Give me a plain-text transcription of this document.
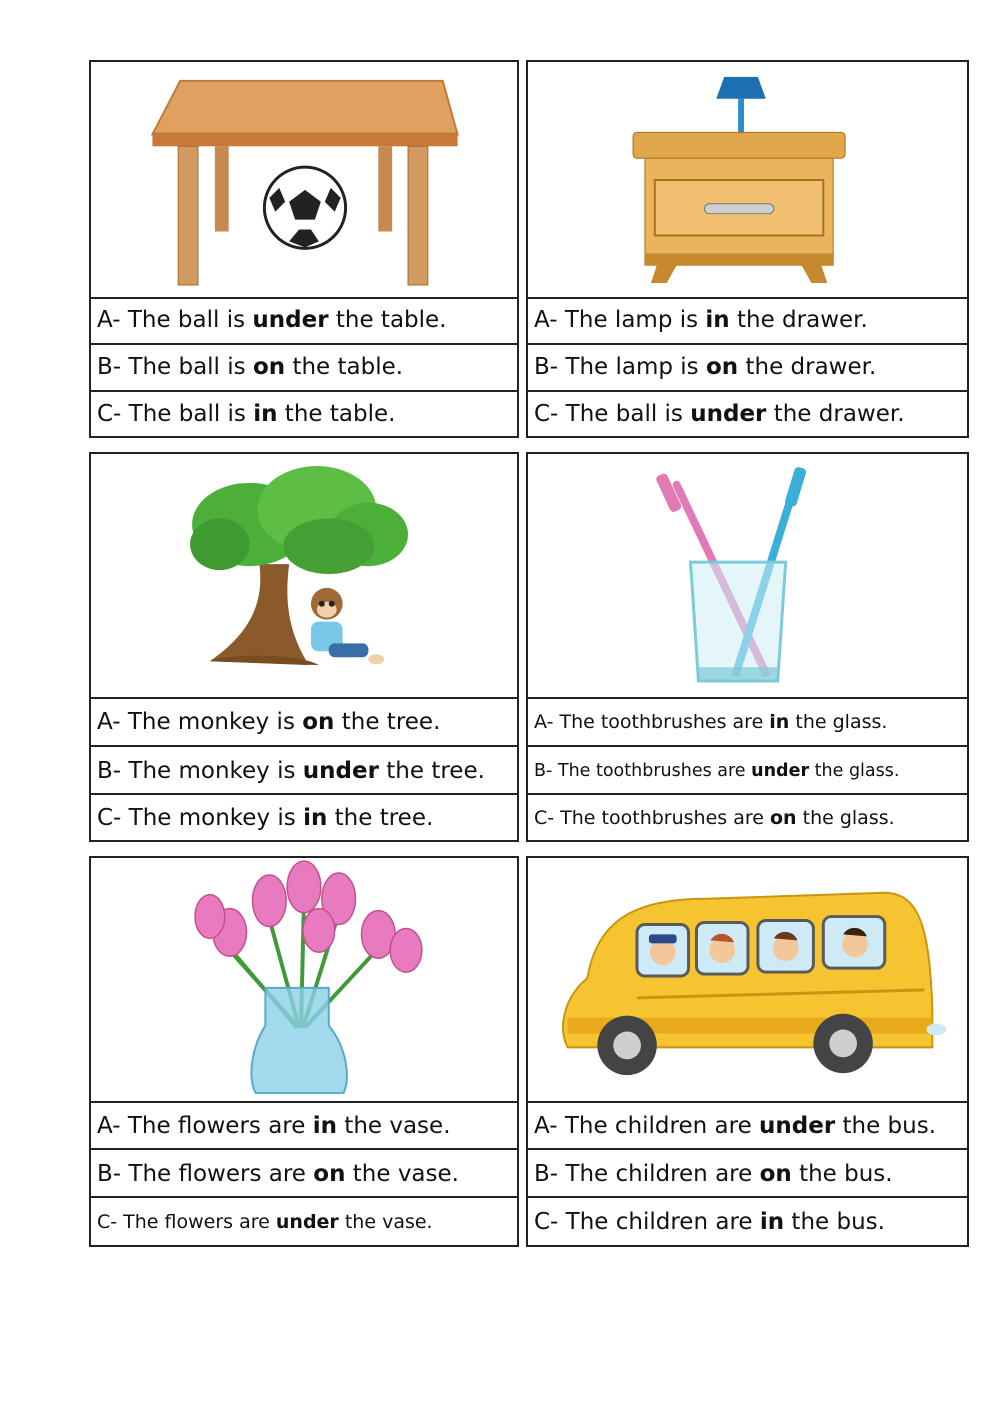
A- The ball is under the table.
B- The ball is on the table.
C- The ball is in the table.
A- The lamp is in the drawer.
B- The lamp is on the drawer.
C- The ball is under the drawer.
A- The monkey is on the tree.
B- The monkey is under the tree.
C- The monkey is in the tree.
A- The toothbrushes are in the glass.
B- The toothbrushes are under the glass.
C- The toothbrushes are on the glass.
A- The flowers are in the vase.
B- The flowers are on the vase.
C- The flowers are under the vase.
A- The children are under the bus.
B- The children are on the bus.
C- The children are in the bus.
